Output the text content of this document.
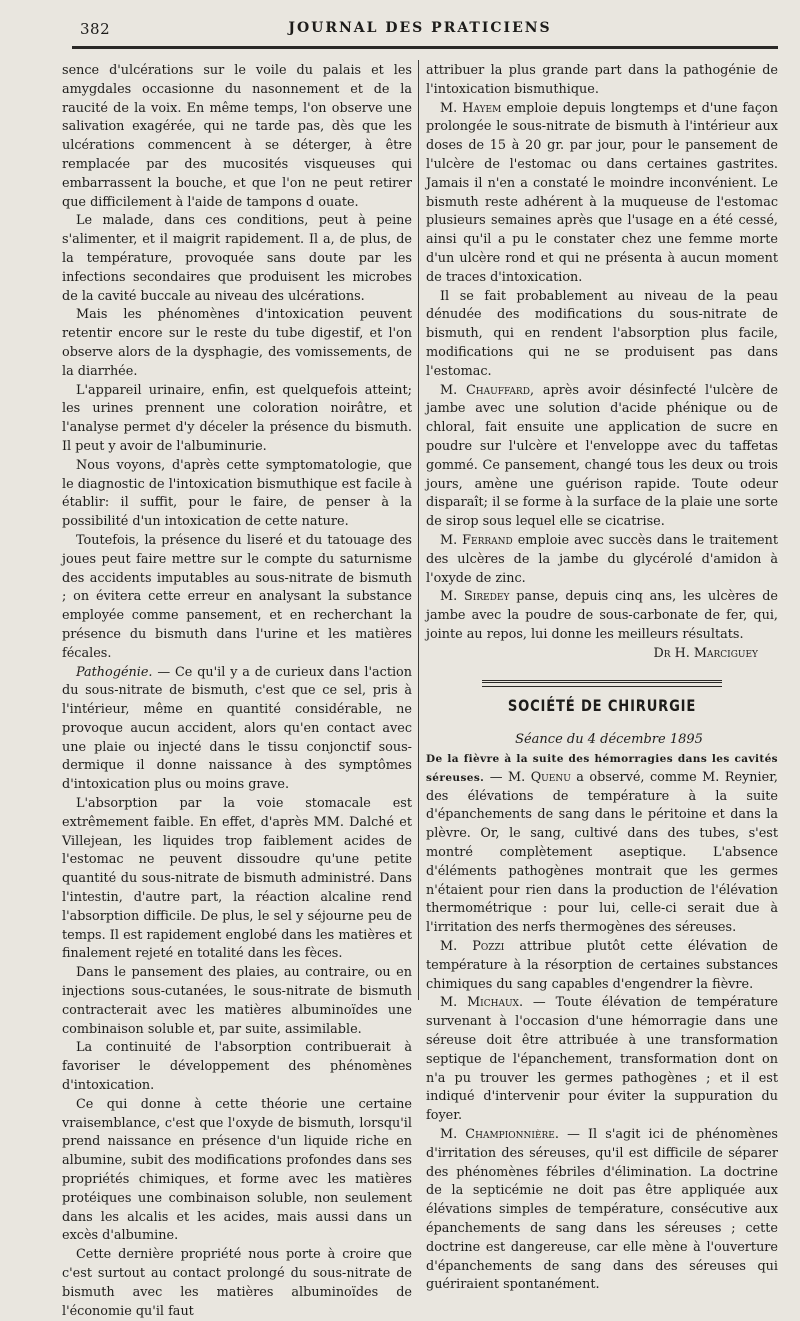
382	JOURNAL DES PRATICIENS

sence d'ulcérations sur le voile du palais et les amygdales occasionne du nasonnement et de la raucité de la voix. En même temps, l'on observe une salivation exagérée, qui ne tarde pas, dès que les ulcérations commencent à se déterger, à être remplacée par des mucosités visqueuses qui embarrassent la bouche, et que l'on ne peut retirer que difficilement à l'aide de tampons d ouate.

Le malade, dans ces conditions, peut à peine s'alimenter, et il maigrit rapidement. Il a, de plus, de la température, provoquée sans doute par les infections secondaires que produisent les microbes de la cavité buccale au niveau des ulcérations.

Mais les phénomènes d'intoxication peuvent retentir encore sur le reste du tube digestif, et l'on observe alors de la dysphagie, des vomissements, de la diarrhée.

L'appareil urinaire, enfin, est quelquefois atteint; les urines prennent une coloration noirâtre, et l'analyse permet d'y déceler la présence du bismuth. Il peut y avoir de l'albuminurie.

Nous voyons, d'après cette symptomatologie, que le diagnostic de l'intoxication bismuthique est facile à établir: il suffit, pour le faire, de penser à la possibilité d'un intoxication de cette nature.

Toutefois, la présence du liseré et du tatouage des joues peut faire mettre sur le compte du saturnisme des accidents imputables au sous-nitrate de bismuth ; on évitera cette erreur en analysant la substance employée comme pansement, et en recherchant la présence du bismuth dans l'urine et les matières fécales.

Pathogénie. — Ce qu'il y a de curieux dans l'action du sous-nitrate de bismuth, c'est que ce sel, pris à l'intérieur, même en quantité considérable, ne provoque aucun accident, alors qu'en contact avec une plaie ou injecté dans le tissu conjonctif sous-dermique il donne naissance à des symptômes d'intoxication plus ou moins grave.

L'absorption par la voie stomacale est extrêmement faible. En effet, d'après MM. Dalché et Villejean, les liquides trop faiblement acides de l'estomac ne peuvent dissoudre qu'une petite quantité du sous-nitrate de bismuth administré. Dans l'intestin, d'autre part, la réaction alcaline rend l'absorption difficile. De plus, le sel y séjourne peu de temps. Il est rapidement englobé dans les matières et finalement rejeté en totalité dans les fèces.

Dans le pansement des plaies, au contraire, ou en injections sous-cutanées, le sous-nitrate de bismuth contracterait avec les matières albuminoïdes une combinaison soluble et, par suite, assimilable.

La continuité de l'absorption contribuerait à favoriser le développement des phénomènes d'intoxication.

Ce qui donne à cette théorie une certaine vraisemblance, c'est que l'oxyde de bismuth, lorsqu'il prend naissance en présence d'un liquide riche en albumine, subit des modifications profondes dans ses propriétés chimiques, et forme avec les matières protéiques une combinaison soluble, non seulement dans les alcalis et les acides, mais aussi dans un excès d'albumine.

Cette dernière propriété nous porte à croire que c'est surtout au contact prolongé du sous-nitrate de bismuth avec les matières albuminoïdes de l'économie qu'il faut

attribuer la plus grande part dans la pathogénie de l'intoxication bismuthique.

M. Hayem emploie depuis longtemps et d'une façon prolongée le sous-nitrate de bismuth à l'intérieur aux doses de 15 à 20 gr. par jour, pour le pansement de l'ulcère de l'estomac ou dans certaines gastrites. Jamais il n'en a constaté le moindre inconvénient. Le bismuth reste adhérent à la muqueuse de l'estomac plusieurs semaines après que l'usage en a été cessé, ainsi qu'il a pu le constater chez une femme morte d'un ulcère rond et qui ne présenta à aucun moment de traces d'intoxication.

Il se fait probablement au niveau de la peau dénudée des modifications du sous-nitrate de bismuth, qui en rendent l'absorption plus facile, modifications qui ne se produisent pas dans l'estomac.

M. Chauffard, après avoir désinfecté l'ulcère de jambe avec une solution d'acide phénique ou de chloral, fait ensuite une application de sucre en poudre sur l'ulcère et l'enveloppe avec du taffetas gommé. Ce pansement, changé tous les deux ou trois jours, amène une guérison rapide. Toute odeur disparaît; il se forme à la surface de la plaie une sorte de sirop sous lequel elle se cicatrise.

M. Ferrand emploie avec succès dans le traitement des ulcères de la jambe du glycérolé d'amidon à l'oxyde de zinc.

M. Siredey panse, depuis cinq ans, les ulcères de jambe avec la poudre de sous-carbonate de fer, qui, jointe au repos, lui donne les meilleurs résultats.

Dr H. Marciguey

SOCIÉTÉ DE CHIRURGIE

Séance du 4 décembre 1895

De la fièvre à la suite des hémorragies dans les cavités séreuses. — M. Quenu a observé, comme M. Reynier, des élévations de température à la suite d'épanchements de sang dans le péritoine et dans la plèvre. Or, le sang, cultivé dans des tubes, s'est montré complètement aseptique. L'absence d'éléments pathogènes montrait que les germes n'étaient pour rien dans la production de l'élévation thermométrique : pour lui, celle-ci serait due à l'irritation des nerfs thermogènes des séreuses.

M. Pozzi attribue plutôt cette élévation de température à la résorption de certaines substances chimiques du sang capables d'engendrer la fièvre.

M. Michaux. — Toute élévation de température survenant à l'occasion d'une hémorragie dans une séreuse doit être attribuée à une transformation septique de l'épanchement, transformation dont on n'a pu trouver les germes pathogènes ; et il est indiqué d'intervenir pour éviter la suppuration du foyer.

M. Championnière. — Il s'agit ici de phénomènes d'irritation des séreuses, qu'il est difficile de séparer des phénomènes fébriles d'élimination. La doctrine de la septicémie ne doit pas être appliquée aux élévations simples de température, consécutive aux épanchements de sang dans les séreuses ; cette doctrine est dangereuse, car elle mène à l'ouverture d'épanchements de sang dans des séreuses qui guériraient spontanément.
